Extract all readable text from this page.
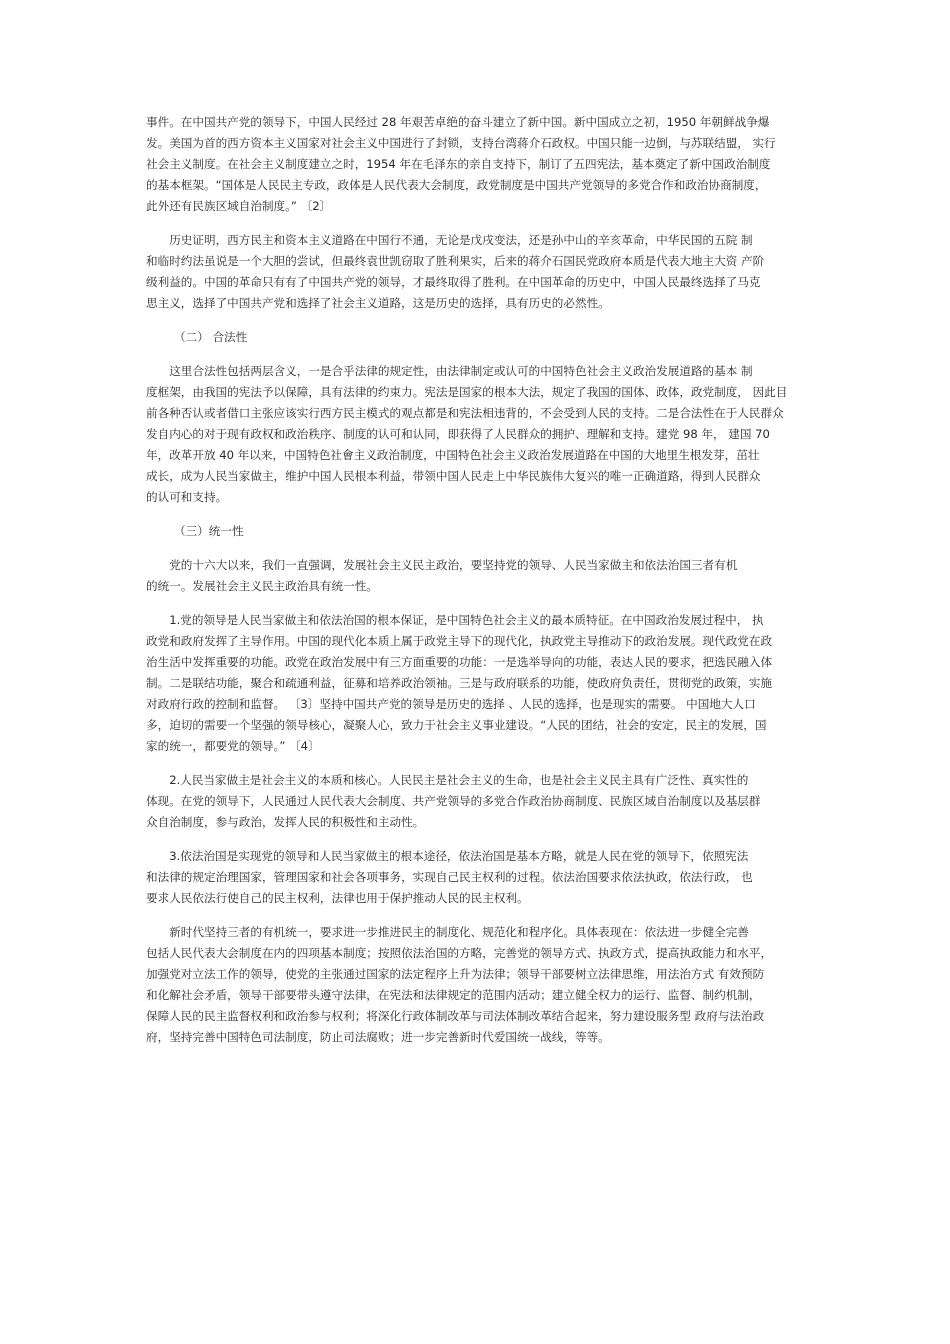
事件。在中国共产党的领导下，中国人民经过 28 年艰苦卓绝的奋斗建立了新中国。新中国成立之初，1950 年朝鲜战争爆
发。美国为首的西方资本主义国家对社会主义中国进行了封锁，支持台湾蒋介石政权。中国只能一边倒，与苏联结盟， 实行
社会主义制度。在社会主义制度建立之时，1954 年在毛泽东的亲自支持下，制订了五四宪法，基本奠定了新中国政治制度
的基本框架。“国体是人民民主专政，政体是人民代表大会制度，政党制度是中国共产党领导的多党合作和政治协商制度，
此外还有民族区域自治制度。” 〔2〕

历史证明，西方民主和资本主义道路在中国行不通，无论是戊戌变法，还是孙中山的辛亥革命，中华民国的五院 制
和临时约法虽说是一个大胆的尝试，但最终袁世凯窃取了胜利果实，后来的蒋介石国民党政府本质是代表大地主大资 产阶
级利益的。中国的革命只有有了中国共产党的领导，才最终取得了胜利。在中国革命的历史中，中国人民最终选择了马克
思主义，选择了中国共产党和选择了社会主义道路，这是历史的选择，具有历史的必然性。

（二） 合法性

这里合法性包括两层含义，一是合乎法律的规定性，由法律制定或认可的中国特色社会主义政治发展道路的基本 制
度框架，由我国的宪法予以保障，具有法律的约束力。宪法是国家的根本大法，规定了我国的国体、政体，政党制度， 因此目
前各种否认或者借口主张应该实行西方民主模式的观点都是和宪法相违背的，不会受到人民的支持。二是合法性在于人民群众
发自内心的对于现有政权和政治秩序、制度的认可和认同，即获得了人民群众的拥护、理解和支持。建党 98 年， 建国 70
年，改革开放 40 年以来，中国特色社會主义政治制度，中国特色社会主义政治发展道路在中国的大地里生根发芽，茁壮
成长，成为人民当家做主，维护中国人民根本利益，带领中国人民走上中华民族伟大复兴的唯一正确道路，得到人民群众
的认可和支持。

（三）统一性

党的十六大以来，我们一直强调，发展社会主义民主政治，要坚持党的领导、人民当家做主和依法治国三者有机
的统一。发展社会主义民主政治具有统一性。

1.党的领导是人民当家做主和依法治国的根本保证，是中国特色社会主义的最本质特征。在中国政治发展过程中， 执
政党和政府发挥了主导作用。中国的现代化本质上属于政党主导下的现代化，执政党主导推动下的政治发展。现代政党在政
治生活中发挥重要的功能。政党在政治发展中有三方面重要的功能：一是选举导向的功能，表达人民的要求，把选民融入体
制。二是联结功能，聚合和疏通利益，征募和培养政治领袖。三是与政府联系的功能，使政府负责任，贯彻党的政策，实施
对政府行政的控制和监督。 〔3〕坚持中国共产党的领导是历史的选择 、人民的选择，也是现实的需要。 中国地大人口
多，迫切的需要一个坚强的领导核心，凝聚人心，致力于社会主义事业建设。“人民的团结，社会的安定，民主的发展，国
家的统一，都要党的领导。” 〔4〕

2.人民当家做主是社会主义的本质和核心。人民民主是社会主义的生命，也是社会主义民主具有广泛性、真实性的
体现。在党的领导下，人民通过人民代表大会制度、共产党领导的多党合作政治协商制度、民族区域自治制度以及基层群
众自治制度，参与政治，发挥人民的积极性和主动性。

3.依法治国是实现党的领导和人民当家做主的根本途径，依法治国是基本方略，就是人民在党的领导下，依照宪法
和法律的规定治理国家，管理国家和社会各项事务，实现自己民主权利的过程。依法治国要求依法执政，依法行政， 也
要求人民依法行使自己的民主权利，法律也用于保护推动人民的民主权利。

新时代坚持三者的有机统一，要求进一步推进民主的制度化、规范化和程序化。具体表现在：依法进一步健全完善
包括人民代表大会制度在内的四项基本制度；按照依法治国的方略，完善党的领导方式、执政方式，提高执政能力和水平，
加强党对立法工作的领导，使党的主张通过国家的法定程序上升为法律；领导干部要树立法律思维，用法治方式 有效预防
和化解社会矛盾，领导干部要带头遵守法律，在宪法和法律规定的范围内活动；建立健全权力的运行、监督、制约机制，
保障人民的民主监督权利和政治参与权利；将深化行政体制改革与司法体制改革结合起来，努力建设服务型 政府与法治政
府，坚持完善中国特色司法制度，防止司法腐败；进一步完善新时代爱国统一战线，等等。
